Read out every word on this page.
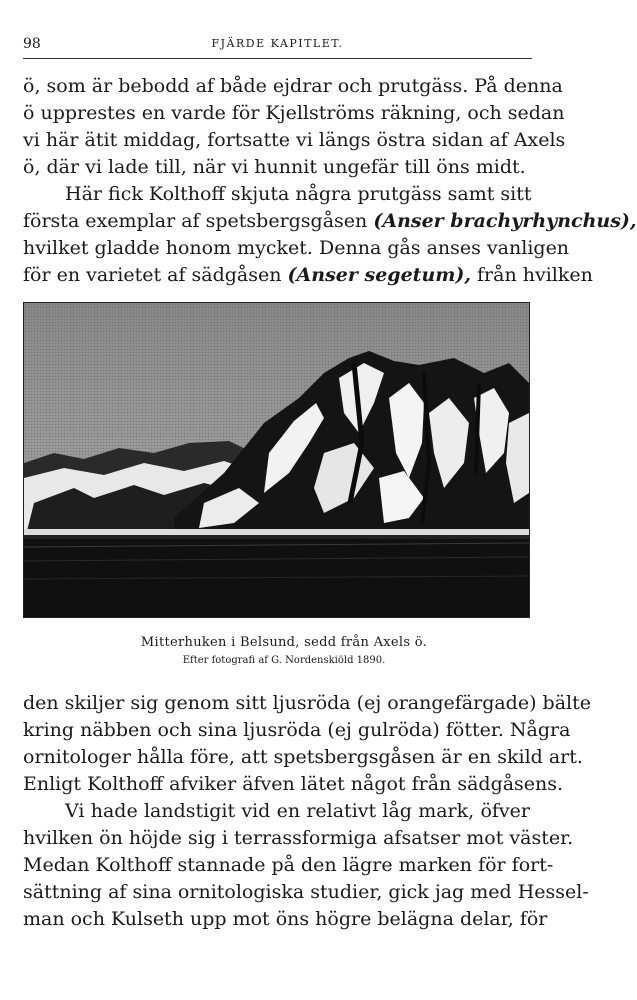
98	FJÄRDE KAPITLET.
ö, som är bebodd af både ejdrar och prutgäss. På denna
ö upprestes en varde för Kjellströms räkning, och sedan
vi här ätit middag, fortsatte vi längs östra sidan af Axels
ö, där vi lade till, när vi hunnit ungefär till öns midt.
Här fick Kolthoff skjuta några prutgäss samt sitt
första exemplar af spetsbergsgåsen (Anser brachyrhynchus),
hvilket gladde honom mycket. Denna gås anses vanligen
för en varietet af sädgåsen (Anser segetum), från hvilken
Mitterhuken i Belsund, sedd från Axels ö.
Efter fotografi af G. Nordenskiöld 1890.
den skiljer sig genom sitt ljusröda (ej orangefärgade) bälte
kring näbben och sina ljusröda (ej gulröda) fötter. Några
ornitologer hålla före, att spetsbergsgåsen är en skild art.
Enligt Kolthoff afviker äfven lätet något från sädgåsens.
Vi hade landstigit vid en relativt låg mark, öfver
hvilken ön höjde sig i terrassformiga afsatser mot väster.
Medan Kolthoff stannade på den lägre marken för fort-
sättning af sina ornitologiska studier, gick jag med Hessel-
man och Kulseth upp mot öns högre belägna delar, för
